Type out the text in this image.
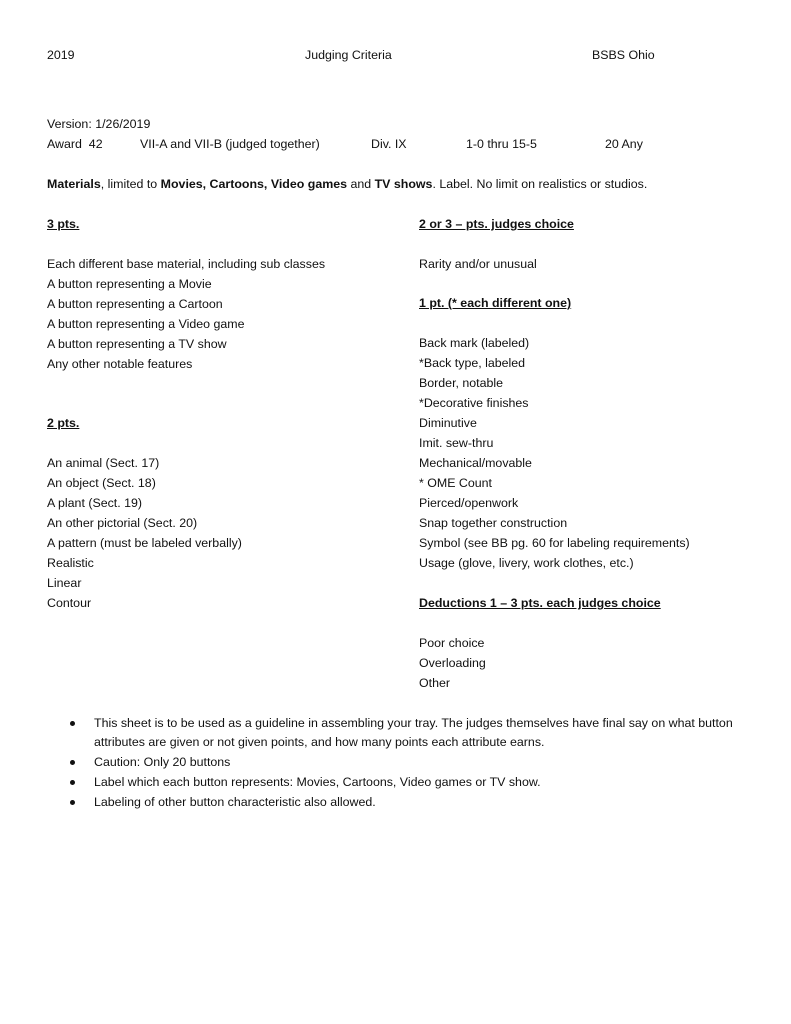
2019	Judging Criteria	BSBS Ohio
Version: 1/26/2019
Award 42	VII-A and VII-B (judged together)	Div. IX	1-0 thru 15-5	20 Any
Materials, limited to Movies, Cartoons, Video games and TV shows. Label. No limit on realistics or studios.
3 pts.
Each different base material, including sub classes
A button representing a Movie
A button representing a Cartoon
A button representing a Video game
A button representing a TV show
Any other notable features
2 pts.
An animal (Sect. 17)
An object (Sect. 18)
A plant (Sect. 19)
An other pictorial (Sect. 20)
A pattern (must be labeled verbally)
Realistic
Linear
Contour
2 or 3 – pts. judges choice
Rarity and/or unusual
1 pt. (* each different one)
Back mark (labeled)
*Back type, labeled
Border, notable
*Decorative finishes
Diminutive
Imit. sew-thru
Mechanical/movable
* OME Count
Pierced/openwork
Snap together construction
Symbol (see BB pg. 60 for labeling requirements)
Usage (glove, livery, work clothes, etc.)
Deductions 1 – 3 pts. each judges choice
Poor choice
Overloading
Other
This sheet is to be used as a guideline in assembling your tray. The judges themselves have final say on what button attributes are given or not given points, and how many points each attribute earns.
Caution: Only 20 buttons
Label which each button represents: Movies, Cartoons, Video games or TV show.
Labeling of other button characteristic also allowed.
